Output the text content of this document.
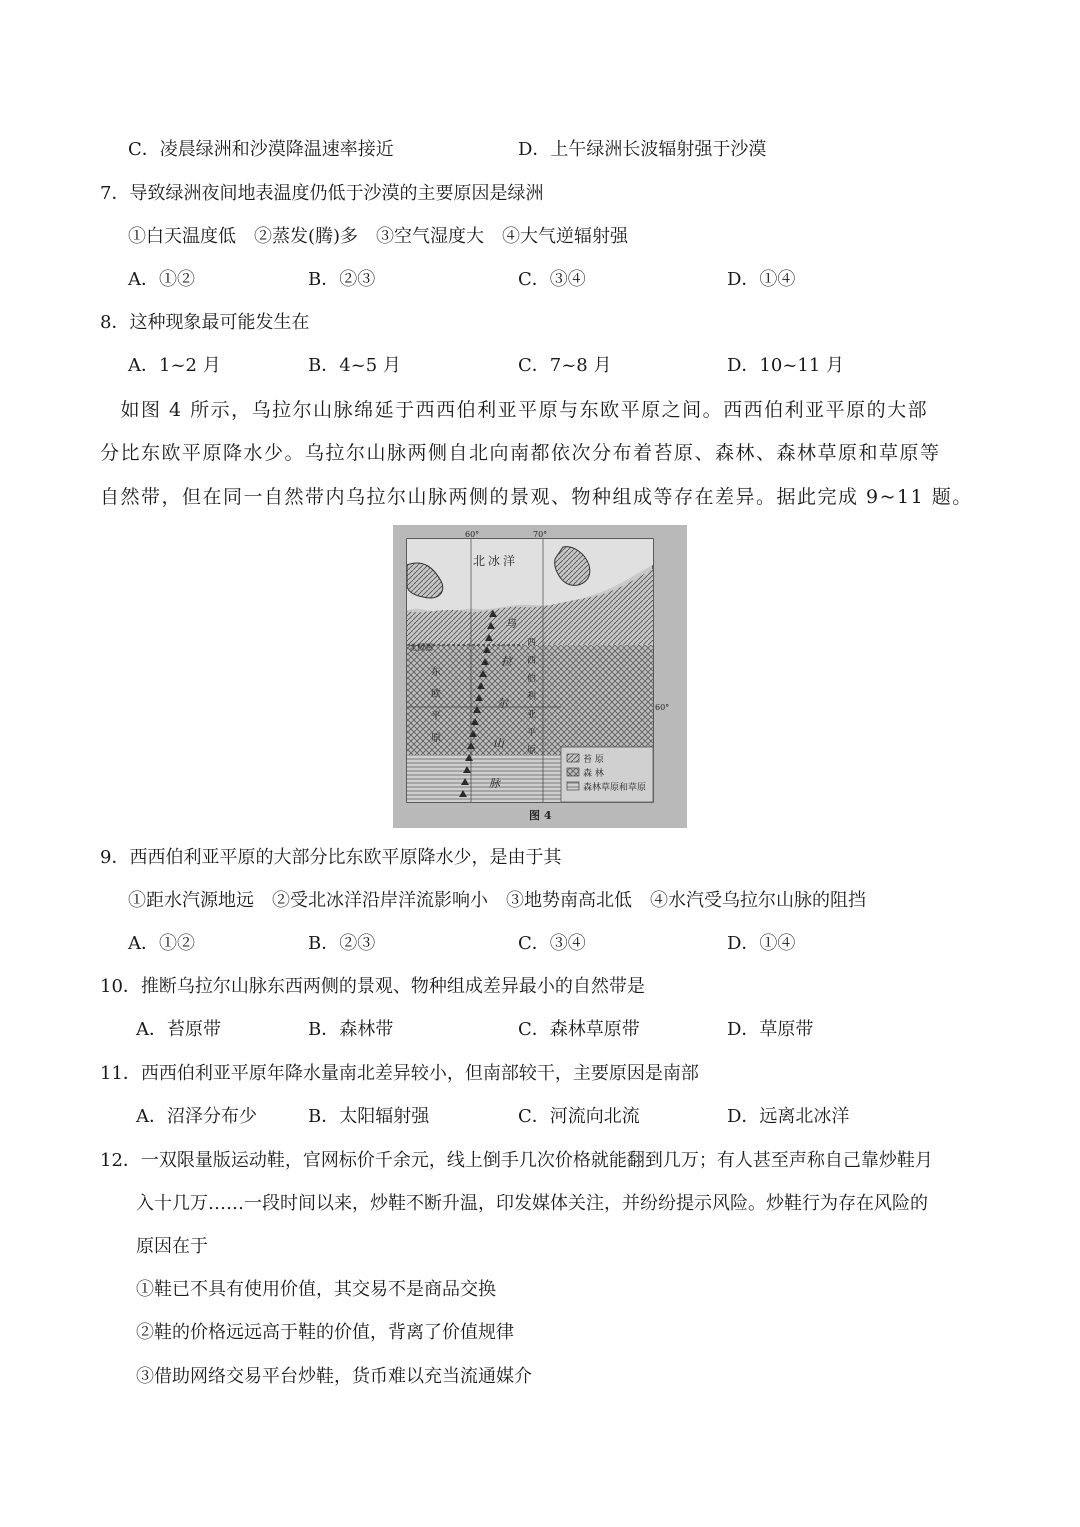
C．凌晨绿洲和沙漠降温速率接近	D．上午绿洲长波辐射强于沙漠
7．导致绿洲夜间地表温度仍低于沙漠的主要原因是绿洲
①白天温度低　②蒸发(腾)多　③空气湿度大　④大气逆辐射强
A．①②	B．②③	C．③④	D．①④
8．这种现象最可能发生在
A．1~2 月	B．4~5 月	C．7~8 月	D．10~11 月
　如图 4 所示，乌拉尔山脉绵延于西西伯利亚平原与东欧平原之间。西西伯利亚平原的大部
分比东欧平原降水少。乌拉尔山脉两侧自北向南都依次分布着苔原、森林、森林草原和草原等
自然带，但在同一自然带内乌拉尔山脉两侧的景观、物种组成等存在差异。据此完成 9~11 题。
苔 原
森 林
森林草原和草原
60°	70°
60°
北冰洋
北极圈
东
欧
平
原
乌
拉
尔
山
脉
西
西
伯
利
亚
平
原
图 4
9．西西伯利亚平原的大部分比东欧平原降水少，是由于其
①距水汽源地远　②受北冰洋沿岸洋流影响小　③地势南高北低　④水汽受乌拉尔山脉的阻挡
A．①②	B．②③	C．③④	D．①④
10．推断乌拉尔山脉东西两侧的景观、物种组成差异最小的自然带是
A．苔原带	B．森林带	C．森林草原带	D．草原带
11．西西伯利亚平原年降水量南北差异较小，但南部较干，主要原因是南部
A．沼泽分布少	B．太阳辐射强	C．河流向北流	D．远离北冰洋
12．一双限量版运动鞋，官网标价千余元，线上倒手几次价格就能翻到几万；有人甚至声称自己靠炒鞋月
入十几万……一段时间以来，炒鞋不断升温，印发媒体关注，并纷纷提示风险。炒鞋行为存在风险的
原因在于
①鞋已不具有使用价值，其交易不是商品交换
②鞋的价格远远高于鞋的价值，背离了价值规律
③借助网络交易平台炒鞋，货币难以充当流通媒介
